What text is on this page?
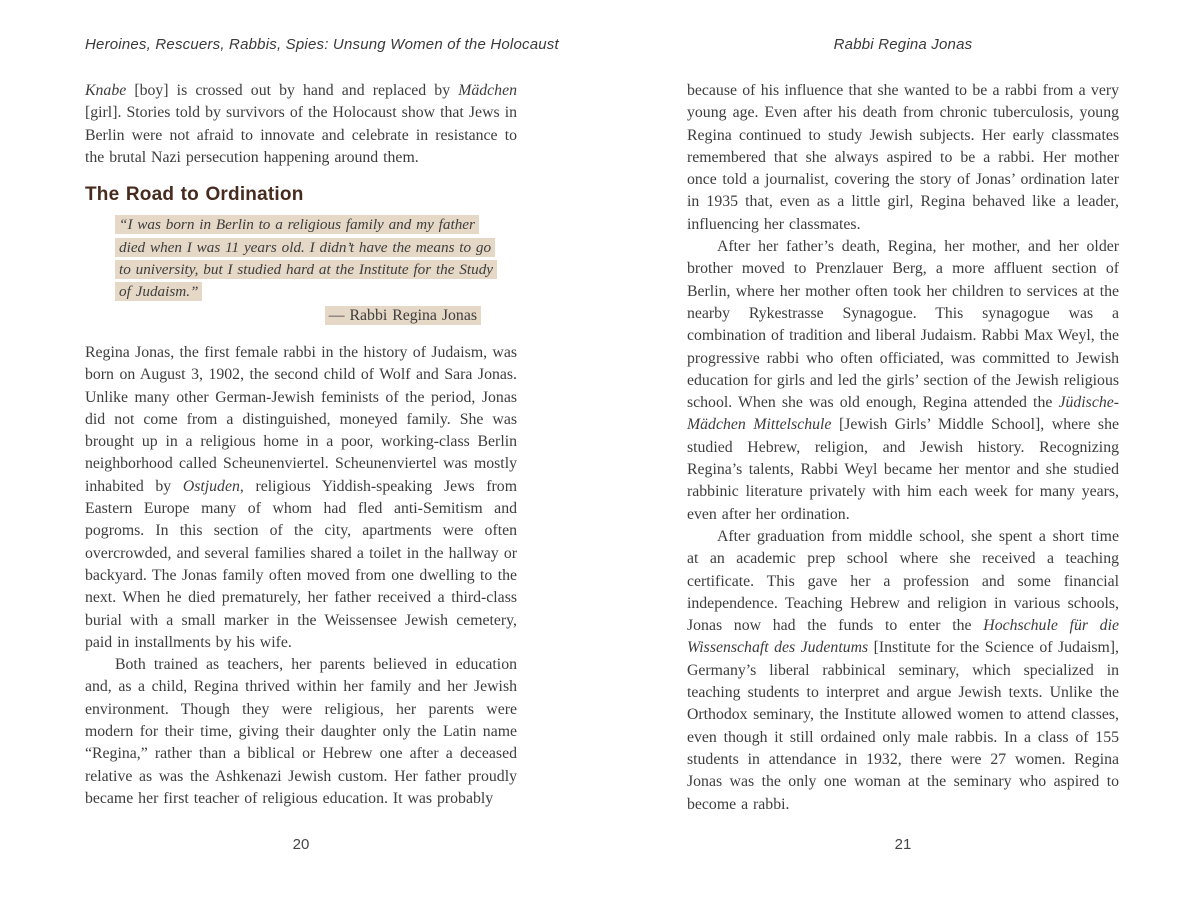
Heroines, Rescuers, Rabbis, Spies: Unsung Women of the Holocaust

Knabe [boy] is crossed out by hand and replaced by Mädchen [girl]. Stories told by survivors of the Holocaust show that Jews in Berlin were not afraid to innovate and celebrate in resistance to the brutal Nazi persecution happening around them.

The Road to Ordination
“I was born in Berlin to a religious family and my father died when I was 11 years old. I didn’t have the means to go to university, but I studied hard at the Institute for the Study of Judaism.”
— Rabbi Regina Jonas

Regina Jonas, the first female rabbi in the history of Judaism, was born on August 3, 1902, the second child of Wolf and Sara Jonas. Unlike many other German-Jewish feminists of the period, Jonas did not come from a distinguished, moneyed family. She was brought up in a religious home in a poor, working-class Berlin neighborhood called Scheunenviertel. Scheunenviertel was mostly inhabited by Ostjuden, religious Yiddish-speaking Jews from Eastern Europe many of whom had fled anti-Semitism and pogroms. In this section of the city, apartments were often overcrowded, and several families shared a toilet in the hallway or backyard. The Jonas family often moved from one dwelling to the next. When he died prematurely, her father received a third-class burial with a small marker in the Weissensee Jewish cemetery, paid in installments by his wife.

Both trained as teachers, her parents believed in education and, as a child, Regina thrived within her family and her Jewish environment. Though they were religious, her parents were modern for their time, giving their daughter only the Latin name “Regina,” rather than a biblical or Hebrew one after a deceased relative as was the Ashkenazi Jewish custom. Her father proudly became her first teacher of religious education. It was probably

20
Rabbi Regina Jonas

because of his influence that she wanted to be a rabbi from a very young age. Even after his death from chronic tuberculosis, young Regina continued to study Jewish subjects. Her early classmates remembered that she always aspired to be a rabbi. Her mother once told a journalist, covering the story of Jonas’ ordination later in 1935 that, even as a little girl, Regina behaved like a leader, influencing her classmates.

After her father’s death, Regina, her mother, and her older brother moved to Prenzlauer Berg, a more affluent section of Berlin, where her mother often took her children to services at the nearby Rykestrasse Synagogue. This synagogue was a combination of tradition and liberal Judaism. Rabbi Max Weyl, the progressive rabbi who often officiated, was committed to Jewish education for girls and led the girls’ section of the Jewish religious school. When she was old enough, Regina attended the Jüdische-Mädchen Mittelschule [Jewish Girls’ Middle School], where she studied Hebrew, religion, and Jewish history. Recognizing Regina’s talents, Rabbi Weyl became her mentor and she studied rabbinic literature privately with him each week for many years, even after her ordination.

After graduation from middle school, she spent a short time at an academic prep school where she received a teaching certificate. This gave her a profession and some financial independence. Teaching Hebrew and religion in various schools, Jonas now had the funds to enter the Hochschule für die Wissenschaft des Judentums [Institute for the Science of Judaism], Germany’s liberal rabbinical seminary, which specialized in teaching students to interpret and argue Jewish texts. Unlike the Orthodox seminary, the Institute allowed women to attend classes, even though it still ordained only male rabbis. In a class of 155 students in attendance in 1932, there were 27 women. Regina Jonas was the only one woman at the seminary who aspired to become a rabbi.

21
